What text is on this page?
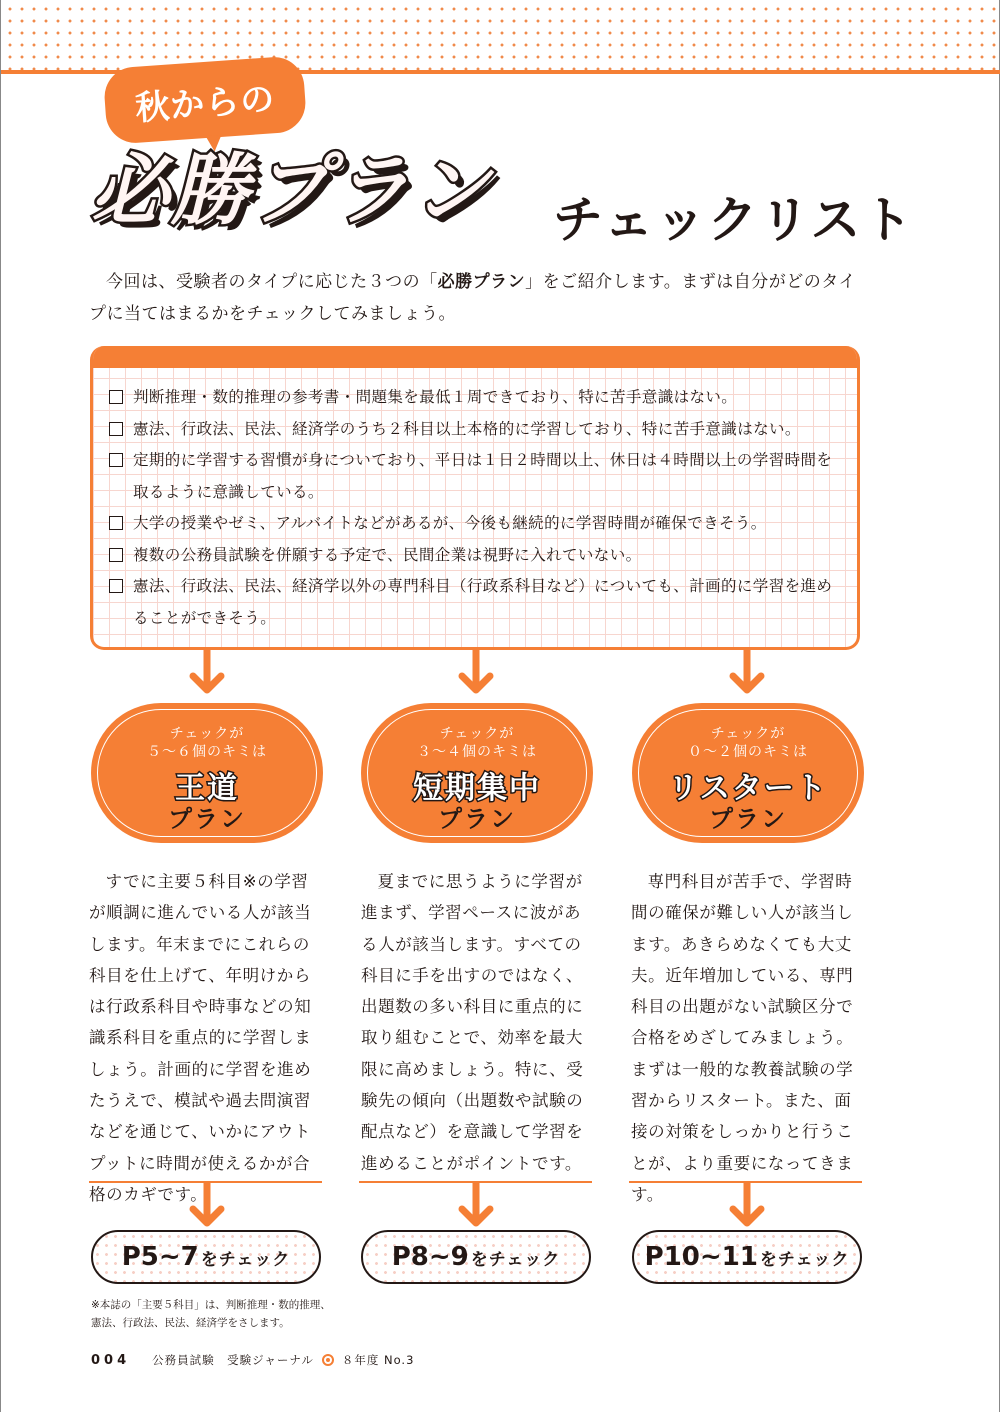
秋からの
必勝プラン チェックリスト

今回は、受験者のタイプに応じた３つの「必勝プラン」をご紹介します。まずは自分がどのタイプに当てはまるかをチェックしてみましょう。

判断推理・数的推理の参考書・問題集を最低１周できており、特に苦手意識はない。
憲法、行政法、民法、経済学のうち２科目以上本格的に学習しており、特に苦手意識はない。
定期的に学習する習慣が身についており、平日は１日２時間以上、休日は４時間以上の学習時間を取るように意識している。
大学の授業やゼミ、アルバイトなどがあるが、今後も継続的に学習時間が確保できそう。
複数の公務員試験を併願する予定で、民間企業は視野に入れていない。
憲法、行政法、民法、経済学以外の専門科目（行政系科目など）についても、計画的に学習を進めることができそう。
チェックが
５～６個のキミは
王道
プラン
チェックが
３～４個のキミは
短期集中
プラン
チェックが
０～２個のキミは
リスタート
プラン

すでに主要５科目※の学習が順調に進んでいる人が該当します。年末までにこれらの科目を仕上げて、年明けからは行政系科目や時事などの知識系科目を重点的に学習しましょう。計画的に学習を進めたうえで、模試や過去問演習などを通じて、いかにアウトプットに時間が使えるかが合格のカギです。

夏までに思うように学習が進まず、学習ペースに波がある人が該当します。すべての科目に手を出すのではなく、出題数の多い科目に重点的に取り組むことで、効率を最大限に高めましょう。特に、受験先の傾向（出題数や試験の配点など）を意識して学習を進めることがポイントです。

専門科目が苦手で、学習時間の確保が難しい人が該当します。あきらめなくても大丈夫。近年増加している、専門科目の出題がない試験区分で合格をめざしてみましょう。まずは一般的な教養試験の学習からリスタート。また、面接の対策をしっかりと行うことが、より重要になってきます。

P5~7 をチェック	P8~9 をチェック	P10~11 をチェック

※本誌の「主要５科目」は、判断推理・数的推理、憲法、行政法、民法、経済学をさします。

004 公務員試験　受験ジャーナル ８年度 No.3
